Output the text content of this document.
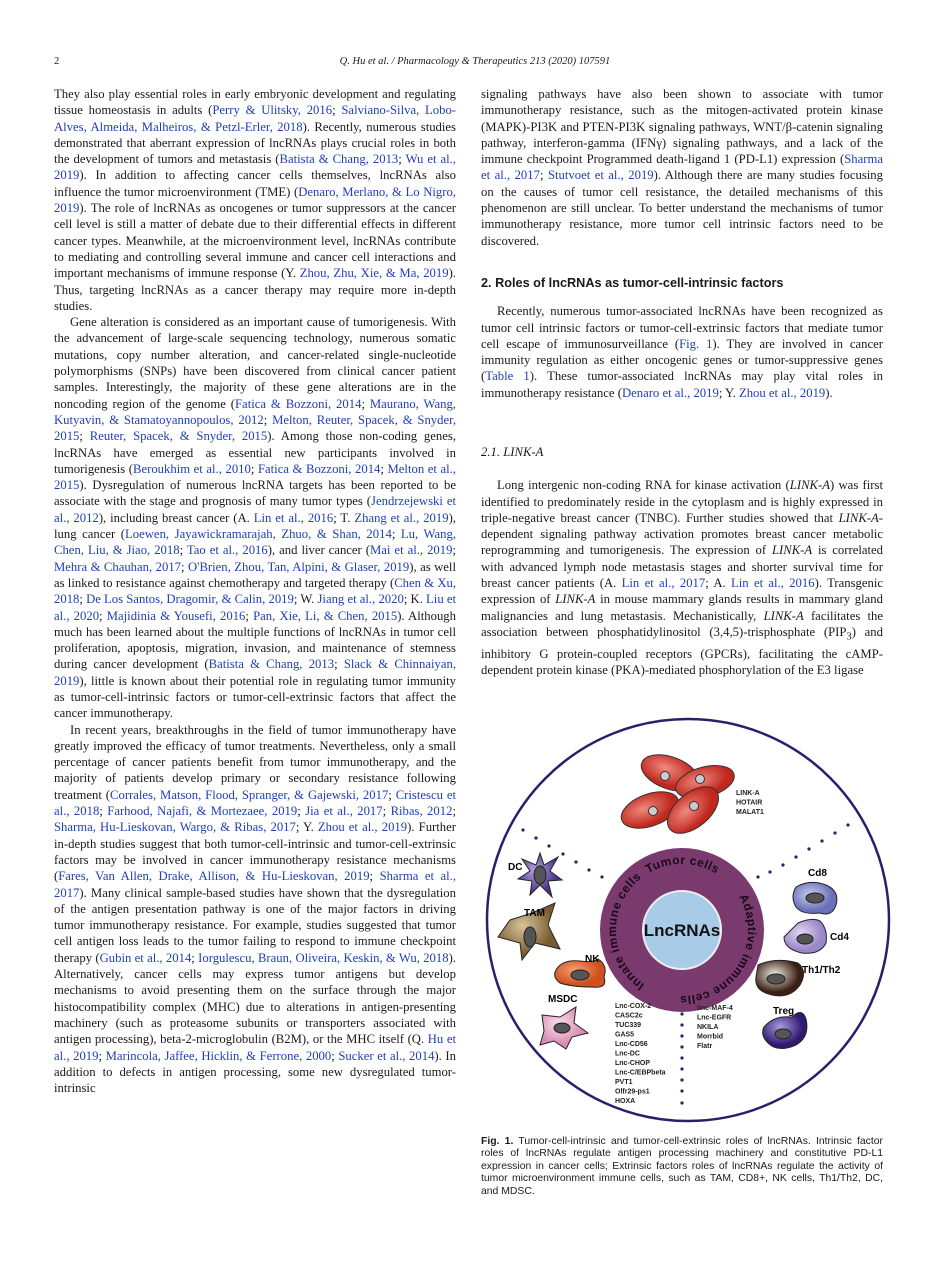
2	Q. Hu et al. / Pharmacology & Therapeutics 213 (2020) 107591

They also play essential roles in early embryonic development and regulating tissue homeostasis in adults (Perry & Ulitsky, 2016; Salviano-Silva, Lobo-Alves, Almeida, Malheiros, & Petzl-Erler, 2018). Recently, numerous studies demonstrated that aberrant expression of lncRNAs plays crucial roles in both the development of tumors and metastasis (Batista & Chang, 2013; Wu et al., 2019). In addition to affecting cancer cells themselves, lncRNAs also influence the tumor microenvironment (TME) (Denaro, Merlano, & Lo Nigro, 2019). The role of lncRNAs as oncogenes or tumor suppressors at the cancer cell level is still a matter of debate due to their differential effects in different cancer types. Meanwhile, at the microenvironment level, lncRNAs contribute to mediating and controlling several immune and cancer cell interactions and important mechanisms of immune response (Y. Zhou, Zhu, Xie, & Ma, 2019). Thus, targeting lncRNAs as a cancer therapy may require more in-depth studies.

Gene alteration is considered as an important cause of tumorigenesis. With the advancement of large-scale sequencing technology, numerous somatic mutations, copy number alteration, and cancer-related single-nucleotide polymorphisms (SNPs) have been discovered from clinical cancer patient samples. Interestingly, the majority of these gene alterations are in the noncoding region of the genome (Fatica & Bozzoni, 2014; Maurano, Wang, Kutyavin, & Stamatoyannopoulos, 2012; Melton, Reuter, Spacek, & Snyder, 2015; Reuter, Spacek, & Snyder, 2015). Among those non-coding genes, lncRNAs have emerged as essential new participants involved in tumorigenesis (Beroukhim et al., 2010; Fatica & Bozzoni, 2014; Melton et al., 2015). Dysregulation of numerous lncRNA targets has been reported to be associate with the stage and prognosis of many tumor types (Jendrzejewski et al., 2012), including breast cancer (A. Lin et al., 2016; T. Zhang et al., 2019), lung cancer (Loewen, Jayawickramarajah, Zhuo, & Shan, 2014; Lu, Wang, Chen, Liu, & Jiao, 2018; Tao et al., 2016), and liver cancer (Mai et al., 2019; Mehra & Chauhan, 2017; O'Brien, Zhou, Tan, Alpini, & Glaser, 2019), as well as linked to resistance against chemotherapy and targeted therapy (Chen & Xu, 2018; De Los Santos, Dragomir, & Calin, 2019; W. Jiang et al., 2020; K. Liu et al., 2020; Majidinia & Yousefi, 2016; Pan, Xie, Li, & Chen, 2015). Although much has been learned about the multiple functions of lncRNAs in tumor cell proliferation, apoptosis, migration, invasion, and maintenance of stemness during cancer development (Batista & Chang, 2013; Slack & Chinnaiyan, 2019), little is known about their potential role in regulating tumor immunity as tumor-cell-intrinsic factors or tumor-cell-extrinsic factors that affect the cancer immunotherapy.

In recent years, breakthroughs in the field of tumor immunotherapy have greatly improved the efficacy of tumor treatments. Nevertheless, only a small percentage of cancer patients benefit from tumor immunotherapy, and the majority of patients develop primary or secondary resistance following treatment (Corrales, Matson, Flood, Spranger, & Gajewski, 2017; Cristescu et al., 2018; Farhood, Najafi, & Mortezaee, 2019; Jia et al., 2017; Ribas, 2012; Sharma, Hu-Lieskovan, Wargo, & Ribas, 2017; Y. Zhou et al., 2019). Further in-depth studies suggest that both tumor-cell-intrinsic and tumor-cell-extrinsic factors may be involved in cancer immunotherapy resistance mechanisms (Fares, Van Allen, Drake, Allison, & Hu-Lieskovan, 2019; Sharma et al., 2017). Many clinical sample-based studies have shown that the dysregulation of the antigen presentation pathway is one of the major factors in driving tumor immunotherapy resistance. For example, studies suggested that tumor cell antigen loss leads to the tumor failing to respond to immune checkpoint therapy (Gubin et al., 2014; Iorgulescu, Braun, Oliveira, Keskin, & Wu, 2018). Alternatively, cancer cells may express tumor antigens but develop mechanisms to avoid presenting them on the surface through the major histocompatibility complex (MHC) due to alterations in antigen-presenting machinery (such as proteasome subunits or transporters associated with antigen processing), beta-2-microglobulin (B2M), or the MHC itself (Q. Hu et al., 2019; Marincola, Jaffee, Hicklin, & Ferrone, 2000; Sucker et al., 2014). In addition to defects in antigen processing, some new dysregulated tumor-intrinsic

signaling pathways have also been shown to associate with tumor immunotherapy resistance, such as the mitogen-activated protein kinase (MAPK)-PI3K and PTEN-PI3K signaling pathways, WNT/β-catenin signaling pathway, interferon-gamma (IFNγ) signaling pathways, and a lack of the immune checkpoint Programmed death-ligand 1 (PD-L1) expression (Sharma et al., 2017; Stutvoet et al., 2019). Although there are many studies focusing on the causes of tumor cell resistance, the detailed mechanisms of this phenomenon are still unclear. To better understand the mechanisms of tumor immunotherapy resistance, more tumor cell intrinsic factors need to be discovered.

2. Roles of lncRNAs as tumor-cell-intrinsic factors

Recently, numerous tumor-associated lncRNAs have been recognized as tumor cell intrinsic factors or tumor-cell-extrinsic factors that mediate tumor cell escape of immunosurveillance (Fig. 1). They are involved in cancer immunity regulation as either oncogenic genes or tumor-suppressive genes (Table 1). These tumor-associated lncRNAs may play vital roles in immunotherapy resistance (Denaro et al., 2019; Y. Zhou et al., 2019).

2.1. LINK-A

Long intergenic non-coding RNA for kinase activation (LINK-A) was first identified to predominately reside in the cytoplasm and is highly expressed in triple-negative breast cancer (TNBC). Further studies showed that LINK-A-dependent signaling pathway activation promotes breast cancer metabolic reprogramming and tumorigenesis. The expression of LINK-A is correlated with advanced lymph node metastasis stages and shorter survival time for breast cancer patients (A. Lin et al., 2017; A. Lin et al., 2016). Transgenic expression of LINK-A in mouse mammary glands results in mammary gland malignancies and lung metastasis. Mechanistically, LINK-A facilitates the association between phosphatidylinositol (3,4,5)-trisphosphate $(PIP_3)$ and inhibitory G protein-coupled receptors (GPCRs), facilitating the cAMP-dependent protein kinase (PKA)-mediated phosphorylation of the E3 ligase

LncRNAs
Tumor cells
Adaptive immune cells
Innate immune cells
LINK-A
HOTAIR
MALAT1
DC
TAM
NK
MSDC
Cd8
Cd4
Th1/Th2
Treg
Lnc-COX-2
CASC2c
TUC339
GAS5
Lnc-CD56
Lnc-DC
Lnc-CHOP
Lnc-C/EBPbeta
PVT1
Olfr29-ps1
HOXA
linc-MAF-4
Lnc-EGFR
NKILA
Morrbid
Flatr
Fig. 1. Tumor-cell-intrinsic and tumor-cell-extrinsic roles of lncRNAs. Intrinsic factor roles of lncRNAs regulate antigen processing machinery and constitutive PD-L1 expression in cancer cells; Extrinsic factors roles of lncRNAs regulate the activity of tumor microenvironment immune cells, such as TAM, CD8+, NK cells, Th1/Th2, DC, and MDSC.
